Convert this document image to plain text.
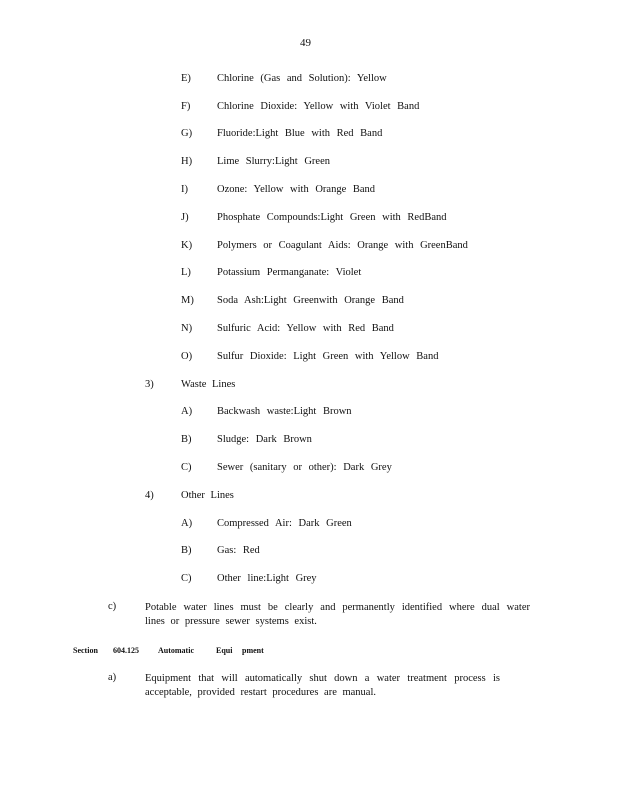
49
E) Chlorine (Gas and Solution): Yellow
F)	Chlorine Dioxide: Yellow with Violet Band
G) Fluoride:Light Blue with Red Band
H) Lime Slurry:Light Green
I)	Ozone: Yellow with Orange Band
J)	Phosphate Compounds:Light Green with RedBand
K) Polymers or Coagulant Aids: Orange with GreenBand
L) Potassium Permanganate: Violet
M) Soda Ash:Light Greenwith Orange Band
N) Sulfuric Acid: Yellow with Red Band
O) Sulfur Dioxide: Light Green with Yellow Band
3)	Waste Lines
A) Backwash waste:Light Brown
B) Sludge: Dark Brown
C) Sewer (sanitary or other): Dark Grey
4)	Other Lines
A) Compressed Air: Dark Green
B) Gas: Red
C) Other line:Light Grey
c)	Potable water lines must be clearly and permanently identified where dual water lines or pressure sewer systems exist.
Section 604.125 Automatic	Equi pment
a)	Equipment that will automatically shut down a water treatment process is acceptable, provided restart procedures are manual.
